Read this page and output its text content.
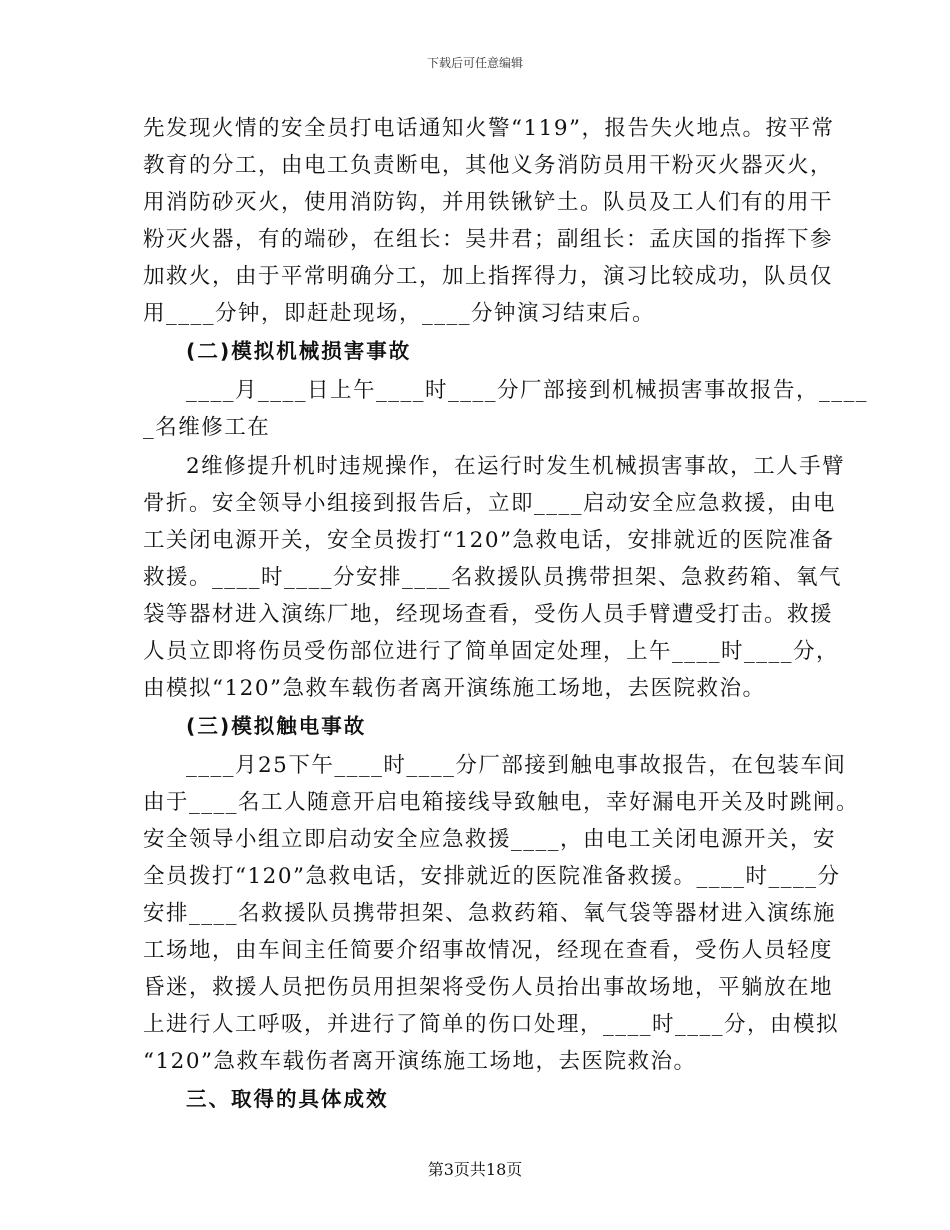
下载后可任意编辑
先发现火情的安全员打电话通知火警“119”，报告失火地点。按平常
教育的分工，由电工负责断电，其他义务消防员用干粉灭火器灭火，
用消防砂灭火，使用消防钩，并用铁锹铲土。队员及工人们有的用干
粉灭火器，有的端砂，在组长：吴井君；副组长：孟庆国的指挥下参
加救火，由于平常明确分工，加上指挥得力，演习比较成功，队员仅
用____分钟，即赶赴现场，____分钟演习结束后。
(二)模拟机械损害事故
____月____日上午____时____分厂部接到机械损害事故报告，____
_名维修工在
2维修提升机时违规操作，在运行时发生机械损害事故，工人手臂
骨折。安全领导小组接到报告后，立即____启动安全应急救援，由电
工关闭电源开关，安全员拨打“120”急救电话，安排就近的医院准备
救援。____时____分安排____名救援队员携带担架、急救药箱、氧气
袋等器材进入演练厂地，经现场查看，受伤人员手臂遭受打击。救援
人员立即将伤员受伤部位进行了简单固定处理，上午____时____分，
由模拟“120”急救车载伤者离开演练施工场地，去医院救治。
(三)模拟触电事故
____月25下午____时____分厂部接到触电事故报告，在包装车间
由于____名工人随意开启电箱接线导致触电，幸好漏电开关及时跳闸。
安全领导小组立即启动安全应急救援____，由电工关闭电源开关，安
全员拨打“120”急救电话，安排就近的医院准备救援。____时____分
安排____名救援队员携带担架、急救药箱、氧气袋等器材进入演练施
工场地，由车间主任简要介绍事故情况，经现在查看，受伤人员轻度
昏迷，救援人员把伤员用担架将受伤人员抬出事故场地，平躺放在地
上进行人工呼吸，并进行了简单的伤口处理，____时____分，由模拟
“120”急救车载伤者离开演练施工场地，去医院救治。
三、取得的具体成效
第3页共18页
